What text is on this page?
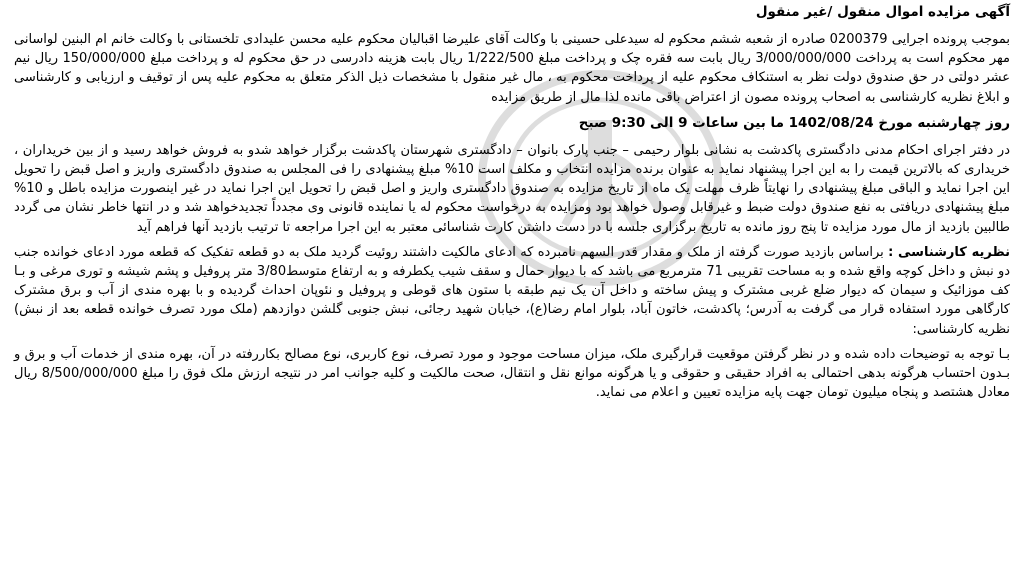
آگهی مزایده اموال منقول /غیر منقول
بموجب پرونده اجرایی 0200379 صادره از شعبه ششم محکوم له سیدعلی حسینی با وکالت آقای علیرضا اقبالیان محکوم علیه محسن علیدادی تلخستانی با وکالت خانم ام البنین لواسانی مهر محکوم است به پرداخت 3/000/000/000 ریال بابت سه فقره چک و پرداخت مبلغ 1/222/500 ریال بابت هزینه دادرسی در حق محکوم له و پرداخت مبلغ 150/000/000 ریال نیم عشر دولتی در حق صندوق دولت نظر به استنکاف محکوم علیه از پرداخت محکوم به ، مال غیر منقول با مشخصات ذیل الذکر متعلق به محکوم علیه پس از توقیف و ارزیابی و کارشناسی و ابلاغ نظریه کارشناسی به اصحاب پرونده مصون از اعتراض باقی مانده لذا مال از طریق مزایده
روز چهارشنبه مورخ 1402/08/24 ما بین ساعات 9 الی 9:30 صبح
در دفتر اجرای احکام مدنی دادگستری پاکدشت به نشانی بلوار رحیمی – جنب پارک بانوان – دادگستری شهرستان پاکدشت برگزار خواهد شدو به فروش خواهد رسید و از بین خریداران ، خریداری که بالاترین قیمت را به این اجرا پیشنهاد نماید به عنوان برنده مزایده انتخاب و مکلف است 10% مبلغ پیشنهادی را فی المجلس به صندوق دادگستری واریز و اصل قبض را تحویل این اجرا نماید و الباقی مبلغ پیشنهادی را نهایتاً ظرف مهلت یک ماه از تاریخ مزایده به صندوق دادگستری واریز و اصل قبض را تحویل این اجرا نماید در غیر اینصورت مزایده باطل و 10% مبلغ پیشنهادی دریافتی به نفع صندوق دولت ضبط و غیرقابل وصول خواهد بود ومزایده به درخواست محکوم له یا نماینده قانونی وی مجدداً تجدیدخواهد شد و در انتها خاطر نشان می گردد طالبین بازدید از مال مورد مزایده تا پنج روز مانده به تاریخ برگزاری جلسه با در دست داشتن کارت شناسائی معتبر به این اجرا مراجعه تا ترتیب بازدید آنها فراهم آید
نظریه کارشناسی : براساس بازدید صورت گرفته از ملک و مقدار قدر السهم نامبرده که ادعای مالکیت داشتند روئیت گردید ملک به دو قطعه تفکیک که قطعه مورد ادعای خوانده جنب دو نبش و داخل کوچه واقع شده و به مساحت تقریبی 71 مترمربع می باشد که با دیوار حمال و سقف شیب یکطرفه و به ارتفاع متوسط3/80 متر پروفیل و پشم شیشه و توری مرغی و بـا کف موزائیک و سیمان که دیوار ضلع غربی مشترک و پیش ساخته و داخل آن یک نیم طبقه با ستون های قوطی و پروفیل و نئوپان احداث گردیده و با بهره مندی از آب و برق مشترک کارگاهی مورد استفاده قرار می گرفت به آدرس؛ پاکدشت، خاتون آباد، بلوار امام رضا(ع)، خیابان شهید رجائی، نبش جنوبی گلشن دوازدهم (ملک مورد تصرف خوانده قطعه بعد از نبش) نظریه کارشناسی:
بـا توجه به توضیحات داده شده و در نظر گرفتن موقعیت قرارگیری ملک، میزان مساحت موجود و مورد تصرف، نوع کاربری، نوع مصالح بکاررفته در آن، بهره مندی از خدمات آب و برق و بـدون احتساب هرگونه بدهی احتمالی به افراد حقیقی و حقوقی و یا هرگونه موانع نقل و انتقال، صحت مالکیت و کلیه جوانب امر در نتیجه ارزش ملک فوق را مبلغ 8/500/000/000 ریال معادل هشتصد و پنجاه میلیون تومان جهت پایه مزایده تعیین و اعلام می نماید.
